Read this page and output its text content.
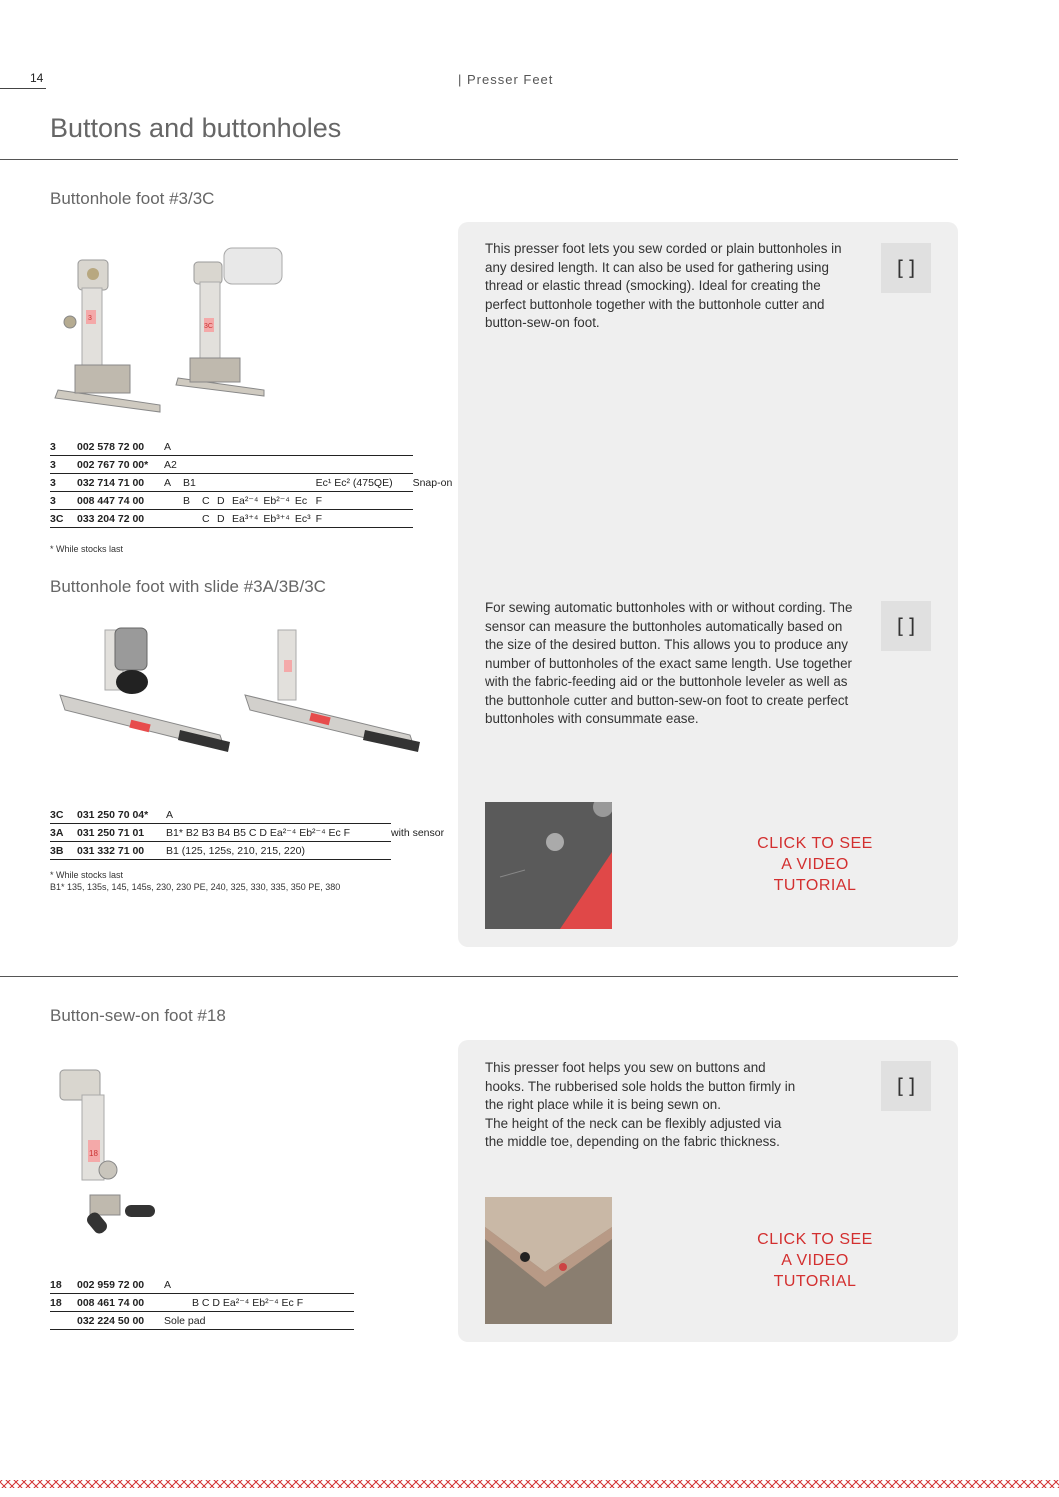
14	| Presser Feet
Buttons and buttonholes
Buttonhole foot #3/3C
3
3C
3	002 578 72 00	A									
3	002 767 70 00*	A2									
3	032 714 71 00	A	B1						Ec¹ Ec² (475QE)		Snap-on
3	008 447 74 00		B	C	D	Ea²⁻⁴	Eb²⁻⁴	Ec	F		
3C	033 204 72 00			C	D	Ea³⁺⁴	Eb³⁺⁴	Ec³	F		
* While stocks last
This presser foot lets you sew corded or plain buttonholes in any desired length. It can also be used for gathering using thread or elastic thread (smocking). Ideal for creating the perfect buttonhole together with the buttonhole cutter and button-sew-on foot.
[]
Buttonhole foot with slide #3A/3B/3C
3C	031 250 70 04*	A	
3A	031 250 71 01	B1* B2 B3 B4 B5 C D Ea²⁻⁴ Eb²⁻⁴ Ec F	with sensor
3B	031 332 71 00	B1 (125, 125s, 210, 215, 220)	
* While stocks last
B1* 135, 135s, 145, 145s, 230, 230 PE, 240, 325, 330, 335, 350 PE, 380
For sewing automatic buttonholes with or without cording. The sensor can measure the buttonholes automatically based on the size of the desired button. This allows you to produce any number of buttonholes of the exact same length. Use together with the fabric-feeding aid or the buttonhole leveler as well as the buttonhole cutter and button-sew-on foot to create perfect buttonholes with consummate ease.
[]
CLICK TO SEE
A VIDEO
TUTORIAL
Button-sew-on foot #18
18
18	002 959 72 00	A
18	008 461 74 00	B C D Ea²⁻⁴ Eb²⁻⁴ Ec F
	032 224 50 00	Sole pad
This presser foot helps you sew on buttons and
hooks. The rubberised sole holds the button firmly in
the right place while it is being sewn on.
The height of the neck can be flexibly adjusted via
the middle toe, depending on the fabric thickness.
[]
CLICK TO SEE
A VIDEO
TUTORIAL
